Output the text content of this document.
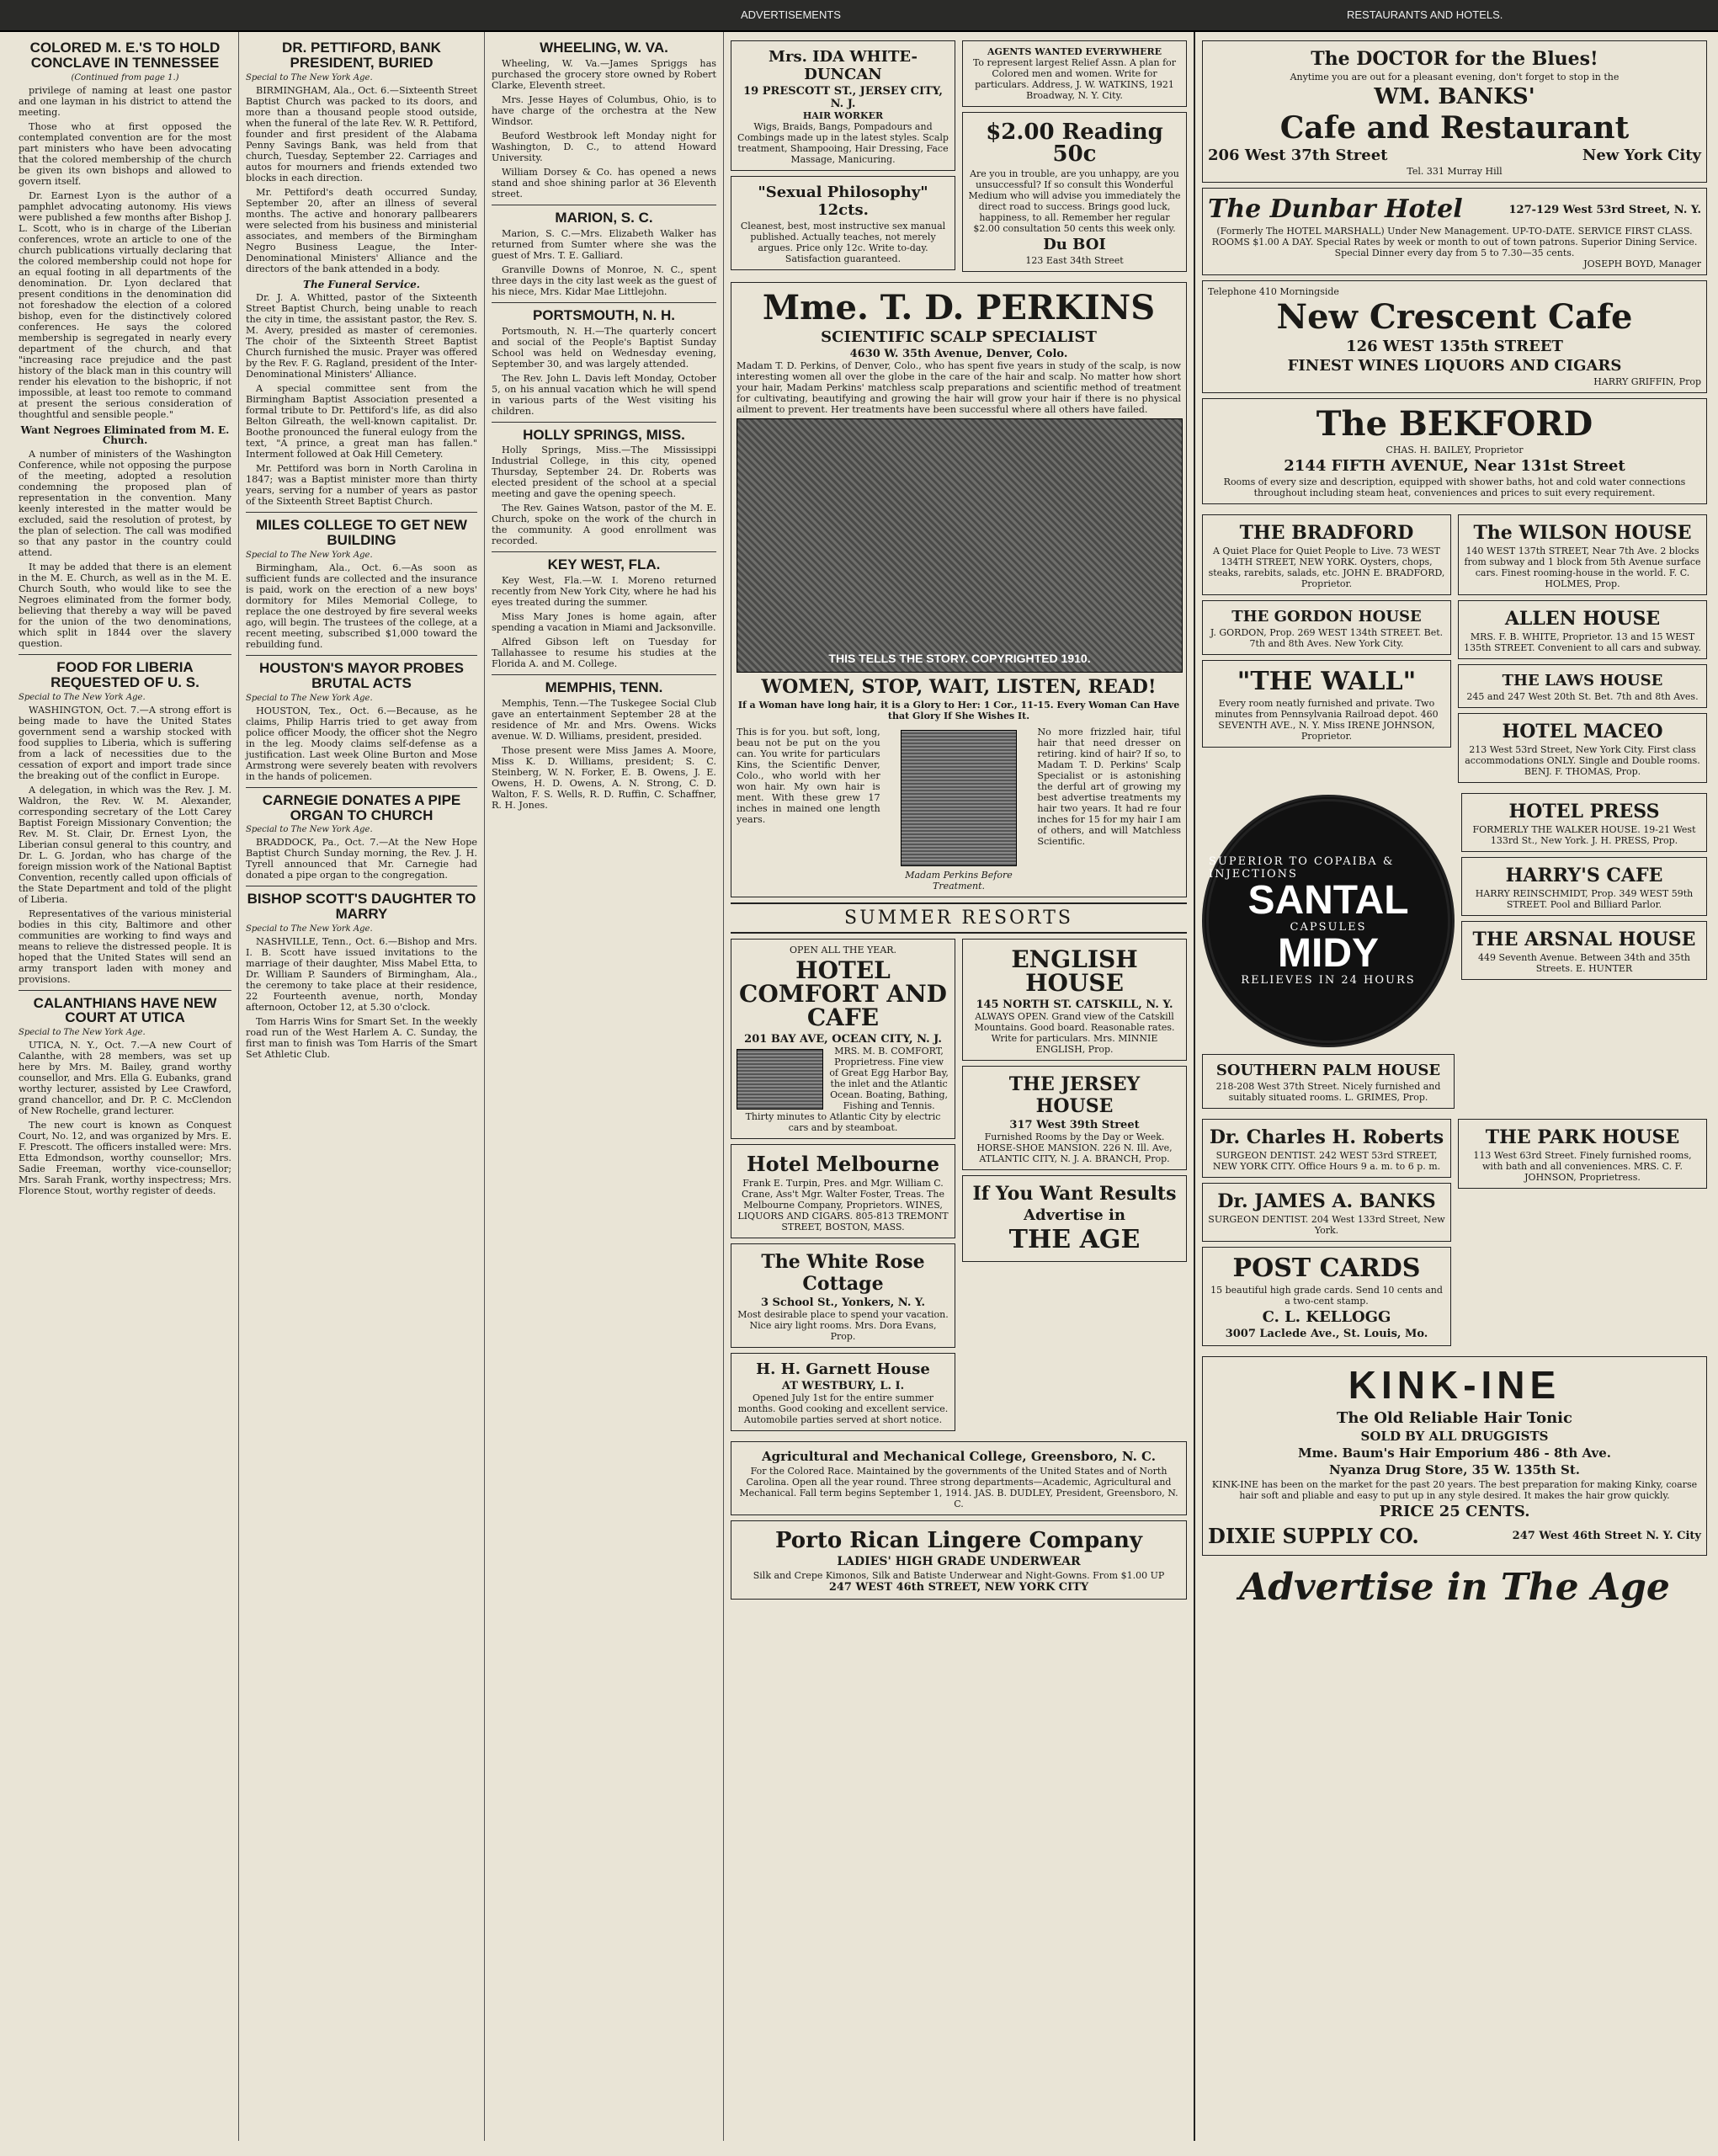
ADVERTISEMENTS	RESTAURANTS AND HOTELS.
COLORED M. E.'S TO HOLD CONCLAVE IN TENNESSEE
(Continued from page 1.)

privilege of naming at least one pastor and one layman in his district to attend the meeting.

Those who at first opposed the contemplated convention are for the most part ministers who have been advocating that the colored membership of the church be given its own bishops and allowed to govern itself.

Dr. Earnest Lyon is the author of a pamphlet advocating autonomy. His views were published a few months after Bishop J. L. Scott, who is in charge of the Liberian conferences, wrote an article to one of the church publications virtually declaring that the colored membership could not hope for an equal footing in all departments of the denomination. Dr. Lyon declared that present conditions in the denomination did not foreshadow the election of a colored bishop, even for the distinctively colored conferences. He says the colored membership is segregated in nearly every department of the church, and that "increasing race prejudice and the past history of the black man in this country will render his elevation to the bishopric, if not impossible, at least too remote to command at present the serious consideration of thoughtful and sensible people."

Want Negroes Eliminated from M. E. Church.

A number of ministers of the Washington Conference, while not opposing the purpose of the meeting, adopted a resolution condemning the proposed plan of representation in the convention. Many keenly interested in the matter would be excluded, said the resolution of protest, by the plan of selection. The call was modified so that any pastor in the country could attend.

It may be added that there is an element in the M. E. Church, as well as in the M. E. Church South, who would like to see the Negroes eliminated from the former body, believing that thereby a way will be paved for the union of the two denominations, which split in 1844 over the slavery question.

FOOD FOR LIBERIA REQUESTED OF U. S.
Special to The New York Age.

WASHINGTON, Oct. 7.—A strong effort is being made to have the United States government send a warship stocked with food supplies to Liberia, which is suffering from a lack of necessities due to the cessation of export and import trade since the breaking out of the conflict in Europe.

A delegation, in which was the Rev. J. M. Waldron, the Rev. W. M. Alexander, corresponding secretary of the Lott Carey Baptist Foreign Missionary Convention; the Rev. M. St. Clair, Dr. Ernest Lyon, the Liberian consul general to this country, and Dr. L. G. Jordan, who has charge of the foreign mission work of the National Baptist Convention, recently called upon officials of the State Department and told of the plight of Liberia.

Representatives of the various ministerial bodies in this city, Baltimore and other communities are working to find ways and means to relieve the distressed people. It is hoped that the United States will send an army transport laden with money and provisions.

CALANTHIANS HAVE NEW COURT AT UTICA
Special to The New York Age.

UTICA, N. Y., Oct. 7.—A new Court of Calanthe, with 28 members, was set up here by Mrs. M. Bailey, grand worthy counsellor, and Mrs. Ella G. Eubanks, grand worthy lecturer, assisted by Lee Crawford, grand chancellor, and Dr. P. C. McClendon of New Rochelle, grand lecturer.

The new court is known as Conquest Court, No. 12, and was organized by Mrs. E. F. Prescott. The officers installed were: Mrs. Etta Edmondson, worthy counsellor; Mrs. Sadie Freeman, worthy vice-counsellor; Mrs. Sarah Frank, worthy inspectress; Mrs. Florence Stout, worthy register of deeds.

DR. PETTIFORD, BANK PRESIDENT, BURIED
Special to The New York Age.

BIRMINGHAM, Ala., Oct. 6.—Sixteenth Street Baptist Church was packed to its doors, and more than a thousand people stood outside, when the funeral of the late Rev. W. R. Pettiford, founder and first president of the Alabama Penny Savings Bank, was held from that church, Tuesday, September 22. Carriages and autos for mourners and friends extended two blocks in each direction.

Mr. Pettiford's death occurred Sunday, September 20, after an illness of several months. The active and honorary pallbearers were selected from his business and ministerial associates, and members of the Birmingham Negro Business League, the Inter-Denominational Ministers' Alliance and the directors of the bank attended in a body.

The Funeral Service.

Dr. J. A. Whitted, pastor of the Sixteenth Street Baptist Church, being unable to reach the city in time, the assistant pastor, the Rev. S. M. Avery, presided as master of ceremonies. The choir of the Sixteenth Street Baptist Church furnished the music. Prayer was offered by the Rev. F. G. Ragland, president of the Inter-Denominational Ministers' Alliance.

A special committee sent from the Birmingham Baptist Association presented a formal tribute to Dr. Pettiford's life, as did also Belton Gilreath, the well-known capitalist. Dr. Boothe pronounced the funeral eulogy from the text, "A prince, a great man has fallen." Interment followed at Oak Hill Cemetery.

Mr. Pettiford was born in North Carolina in 1847; was a Baptist minister more than thirty years, serving for a number of years as pastor of the Sixteenth Street Baptist Church.

MILES COLLEGE TO GET NEW BUILDING
Special to The New York Age.

Birmingham, Ala., Oct. 6.—As soon as sufficient funds are collected and the insurance is paid, work on the erection of a new boys' dormitory for Miles Memorial College, to replace the one destroyed by fire several weeks ago, will begin. The trustees of the college, at a recent meeting, subscribed $1,000 toward the rebuilding fund.

HOUSTON'S MAYOR PROBES BRUTAL ACTS
Special to The New York Age.

HOUSTON, Tex., Oct. 6.—Because, as he claims, Philip Harris tried to get away from police officer Moody, the officer shot the Negro in the leg. Moody claims self-defense as a justification. Last week Oline Burton and Mose Armstrong were severely beaten with revolvers in the hands of policemen.

CARNEGIE DONATES A PIPE ORGAN TO CHURCH
Special to The New York Age.

BRADDOCK, Pa., Oct. 7.—At the New Hope Baptist Church Sunday morning, the Rev. J. H. Tyrell announced that Mr. Carnegie had donated a pipe organ to the congregation.

BISHOP SCOTT'S DAUGHTER TO MARRY
Special to The New York Age.

NASHVILLE, Tenn., Oct. 6.—Bishop and Mrs. I. B. Scott have issued invitations to the marriage of their daughter, Miss Mabel Etta, to Dr. William P. Saunders of Birmingham, Ala., the ceremony to take place at their residence, 22 Fourteenth avenue, north, Monday afternoon, October 12, at 5.30 o'clock.

Tom Harris Wins for Smart Set. In the weekly road run of the West Harlem A. C. Sunday, the first man to finish was Tom Harris of the Smart Set Athletic Club.

WHEELING, W. VA.

Wheeling, W. Va.—James Spriggs has purchased the grocery store owned by Robert Clarke, Eleventh street.

Mrs. Jesse Hayes of Columbus, Ohio, is to have charge of the orchestra at the New Windsor.

Beuford Westbrook left Monday night for Washington, D. C., to attend Howard University.

William Dorsey & Co. has opened a news stand and shoe shining parlor at 36 Eleventh street.

MARION, S. C.

Marion, S. C.—Mrs. Elizabeth Walker has returned from Sumter where she was the guest of Mrs. T. E. Galliard.

Granville Downs of Monroe, N. C., spent three days in the city last week as the guest of his niece, Mrs. Kidar Mae Littlejohn.

PORTSMOUTH, N. H.

Portsmouth, N. H.—The quarterly concert and social of the People's Baptist Sunday School was held on Wednesday evening, September 30, and was largely attended.

The Rev. John L. Davis left Monday, October 5, on his annual vacation which he will spend in various parts of the West visiting his children.

HOLLY SPRINGS, MISS.

Holly Springs, Miss.—The Mississippi Industrial College, in this city, opened Thursday, September 24. Dr. Roberts was elected president of the school at a special meeting and gave the opening speech.

The Rev. Gaines Watson, pastor of the M. E. Church, spoke on the work of the church in the community. A good enrollment was recorded.

KEY WEST, FLA.

Key West, Fla.—W. I. Moreno returned recently from New York City, where he had his eyes treated during the summer.

Miss Mary Jones is home again, after spending a vacation in Miami and Jacksonville.

Alfred Gibson left on Tuesday for Tallahassee to resume his studies at the Florida A. and M. College.

MEMPHIS, TENN.

Memphis, Tenn.—The Tuskegee Social Club gave an entertainment September 28 at the residence of Mr. and Mrs. Owens. Wicks avenue. W. D. Williams, president, presided.

Those present were Miss James A. Moore, Miss K. D. Williams, president; S. C. Steinberg, W. N. Forker, E. B. Owens, J. E. Owens, H. D. Owens, A. N. Strong, C. D. Walton, F. S. Wells, R. D. Ruffin, C. Schaffner, R. H. Jones.

Mrs. IDA WHITE-DUNCAN
19 PRESCOTT ST., JERSEY CITY, N. J.
HAIR WORKER
Wigs, Braids, Bangs, Pompadours and Combings made up in the latest styles. Scalp treatment, Shampooing, Hair Dressing, Face Massage, Manicuring.
"Sexual Philosophy" 12cts.
Cleanest, best, most instructive sex manual published. Actually teaches, not merely argues. Price only 12c. Write to-day. Satisfaction guaranteed.
AGENTS WANTED EVERYWHERE
To represent largest Relief Assn. A plan for Colored men and women. Write for particulars. Address, J. W. WATKINS, 1921 Broadway, N. Y. City.
$2.00 Reading 50c
Are you in trouble, are you unhappy, are you unsuccessful? If so consult this Wonderful Medium who will advise you immediately the direct road to success. Brings good luck, happiness, to all. Remember her regular $2.00 consultation 50 cents this week only.
Du BOI
123 East 34th Street
Mme. T. D. PERKINS
SCIENTIFIC SCALP SPECIALIST
4630 W. 35th Avenue, Denver, Colo.

Madam T. D. Perkins, of Denver, Colo., who has spent five years in study of the scalp, is now interesting women all over the globe in the care of the hair and scalp. No matter how short your hair, Madam Perkins' matchless scalp preparations and scientific method of treatment for cultivating, beautifying and growing the hair will grow your hair if there is no physical ailment to prevent. Her treatments have been successful where all others have failed.

THIS TELLS THE STORY. COPYRIGHTED 1910.
WOMEN, STOP, WAIT, LISTEN, READ!
If a Woman have long hair, it is a Glory to Her: 1 Cor., 11-15. Every Woman Can Have that Glory If She Wishes It.

This is for you. but soft, long, beau not be put on the you can. You write for particulars Kins, the Scientific Denver, Colo., who world with her won hair. My own hair is ment. With these grew 17 inches in mained one length years.

Madam Perkins Before Treatment.

No more frizzled hair, tiful hair that need dresser on retiring. kind of hair? If so, to Madam T. D. Perkins' Scalp Specialist or is astonishing the derful art of growing my best advertise treatments my hair two years. It had re four inches for 15 for my hair I am of others, and will Matchless Scientific.

SUMMER RESORTS
OPEN ALL THE YEAR.
HOTEL COMFORT AND CAFE
201 BAY AVE, OCEAN CITY, N. J.
MRS. M. B. COMFORT, Proprietress. Fine view of Great Egg Harbor Bay, the inlet and the Atlantic Ocean. Boating, Bathing, Fishing and Tennis. Thirty minutes to Atlantic City by electric cars and by steamboat.
Hotel Melbourne
Frank E. Turpin, Pres. and Mgr. William C. Crane, Ass't Mgr. Walter Foster, Treas. The Melbourne Company, Proprietors. WINES, LIQUORS AND CIGARS. 805-813 TREMONT STREET, BOSTON, MASS.
The White Rose Cottage
3 School St., Yonkers, N. Y.
Most desirable place to spend your vacation. Nice airy light rooms. Mrs. Dora Evans, Prop.
H. H. Garnett House
AT WESTBURY, L. I.
Opened July 1st for the entire summer months. Good cooking and excellent service. Automobile parties served at short notice.
ENGLISH HOUSE
145 NORTH ST. CATSKILL, N. Y.
ALWAYS OPEN. Grand view of the Catskill Mountains. Good board. Reasonable rates. Write for particulars. Mrs. MINNIE ENGLISH, Prop.
THE JERSEY HOUSE
317 West 39th Street
Furnished Rooms by the Day or Week. HORSE-SHOE MANSION. 226 N. Ill. Ave, ATLANTIC CITY, N. J. A. BRANCH, Prop.
If You Want Results
Advertise in
THE AGE
Agricultural and Mechanical College, Greensboro, N. C.
For the Colored Race. Maintained by the governments of the United States and of North Carolina. Open all the year round. Three strong departments—Academic, Agricultural and Mechanical. Fall term begins September 1, 1914. JAS. B. DUDLEY, President, Greensboro, N. C.
Porto Rican Lingere Company
LADIES' HIGH GRADE UNDERWEAR
Silk and Crepe Kimonos, Silk and Batiste Underwear and Night-Gowns. From $1.00 UP
247 WEST 46th STREET, NEW YORK CITY
The DOCTOR for the Blues!
Anytime you are out for a pleasant evening, don't forget to stop in the
WM. BANKS'
Cafe and Restaurant
206 West 37th Street	New York City
Tel. 331 Murray Hill
The Dunbar Hotel	127-129 West 53rd Street, N. Y.
(Formerly The HOTEL MARSHALL) Under New Management. UP-TO-DATE. SERVICE FIRST CLASS. ROOMS $1.00 A DAY. Special Rates by week or month to out of town patrons. Superior Dining Service. Special Dinner every day from 5 to 7.30—35 cents.
JOSEPH BOYD, Manager
Telephone 410 Morningside
New Crescent Cafe
126 WEST 135th STREET
FINEST WINES LIQUORS AND CIGARS
HARRY GRIFFIN, Prop
The BEKFORD
CHAS. H. BAILEY, Proprietor
2144 FIFTH AVENUE, Near 131st Street
Rooms of every size and description, equipped with shower baths, hot and cold water connections throughout including steam heat, conveniences and prices to suit every requirement.
THE BRADFORD
A Quiet Place for Quiet People to Live. 73 WEST 134TH STREET, NEW YORK. Oysters, chops, steaks, rarebits, salads, etc. JOHN E. BRADFORD, Proprietor.
THE GORDON HOUSE
J. GORDON, Prop. 269 WEST 134th STREET. Bet. 7th and 8th Aves. New York City.
"THE WALL"
Every room neatly furnished and private. Two minutes from Pennsylvania Railroad depot. 460 SEVENTH AVE., N. Y. Miss IRENE JOHNSON, Proprietor.
The WILSON HOUSE
140 WEST 137th STREET, Near 7th Ave. 2 blocks from subway and 1 block from 5th Avenue surface cars. Finest rooming-house in the world. F. C. HOLMES, Prop.
ALLEN HOUSE
MRS. F. B. WHITE, Proprietor. 13 and 15 WEST 135th STREET. Convenient to all cars and subway.
THE LAWS HOUSE
245 and 247 West 20th St. Bet. 7th and 8th Aves.
HOTEL MACEO
213 West 53rd Street, New York City. First class accommodations ONLY. Single and Double rooms. BENJ. F. THOMAS, Prop.
SUPERIOR TO COPAIBA & INJECTIONS
SANTAL
CAPSULES
MIDY
RELIEVES IN 24 HOURS
SOUTHERN PALM HOUSE
218-208 West 37th Street. Nicely furnished and suitably situated rooms. L. GRIMES, Prop.
HOTEL PRESS
FORMERLY THE WALKER HOUSE. 19-21 West 133rd St., New York. J. H. PRESS, Prop.
HARRY'S CAFE
HARRY REINSCHMIDT, Prop. 349 WEST 59th STREET. Pool and Billiard Parlor.
THE ARSNAL HOUSE
449 Seventh Avenue. Between 34th and 35th Streets. E. HUNTER
Dr. Charles H. Roberts
SURGEON DENTIST. 242 WEST 53rd STREET, NEW YORK CITY. Office Hours 9 a. m. to 6 p. m.
Dr. JAMES A. BANKS
SURGEON DENTIST. 204 West 133rd Street, New York.
POST CARDS
15 beautiful high grade cards. Send 10 cents and a two-cent stamp.
C. L. KELLOGG
3007 Laclede Ave., St. Louis, Mo.
THE PARK HOUSE
113 West 63rd Street. Finely furnished rooms, with bath and all conveniences. MRS. C. F. JOHNSON, Proprietress.
KINK-INE
The Old Reliable Hair Tonic
SOLD BY ALL DRUGGISTS
Mme. Baum's Hair Emporium 486 - 8th Ave.
Nyanza Drug Store, 35 W. 135th St.
KINK-INE has been on the market for the past 20 years. The best preparation for making Kinky, coarse hair soft and pliable and easy to put up in any style desired. It makes the hair grow quickly.
PRICE 25 CENTS.
DIXIE SUPPLY CO.	247 West 46th Street N. Y. City
Advertise in The Age
